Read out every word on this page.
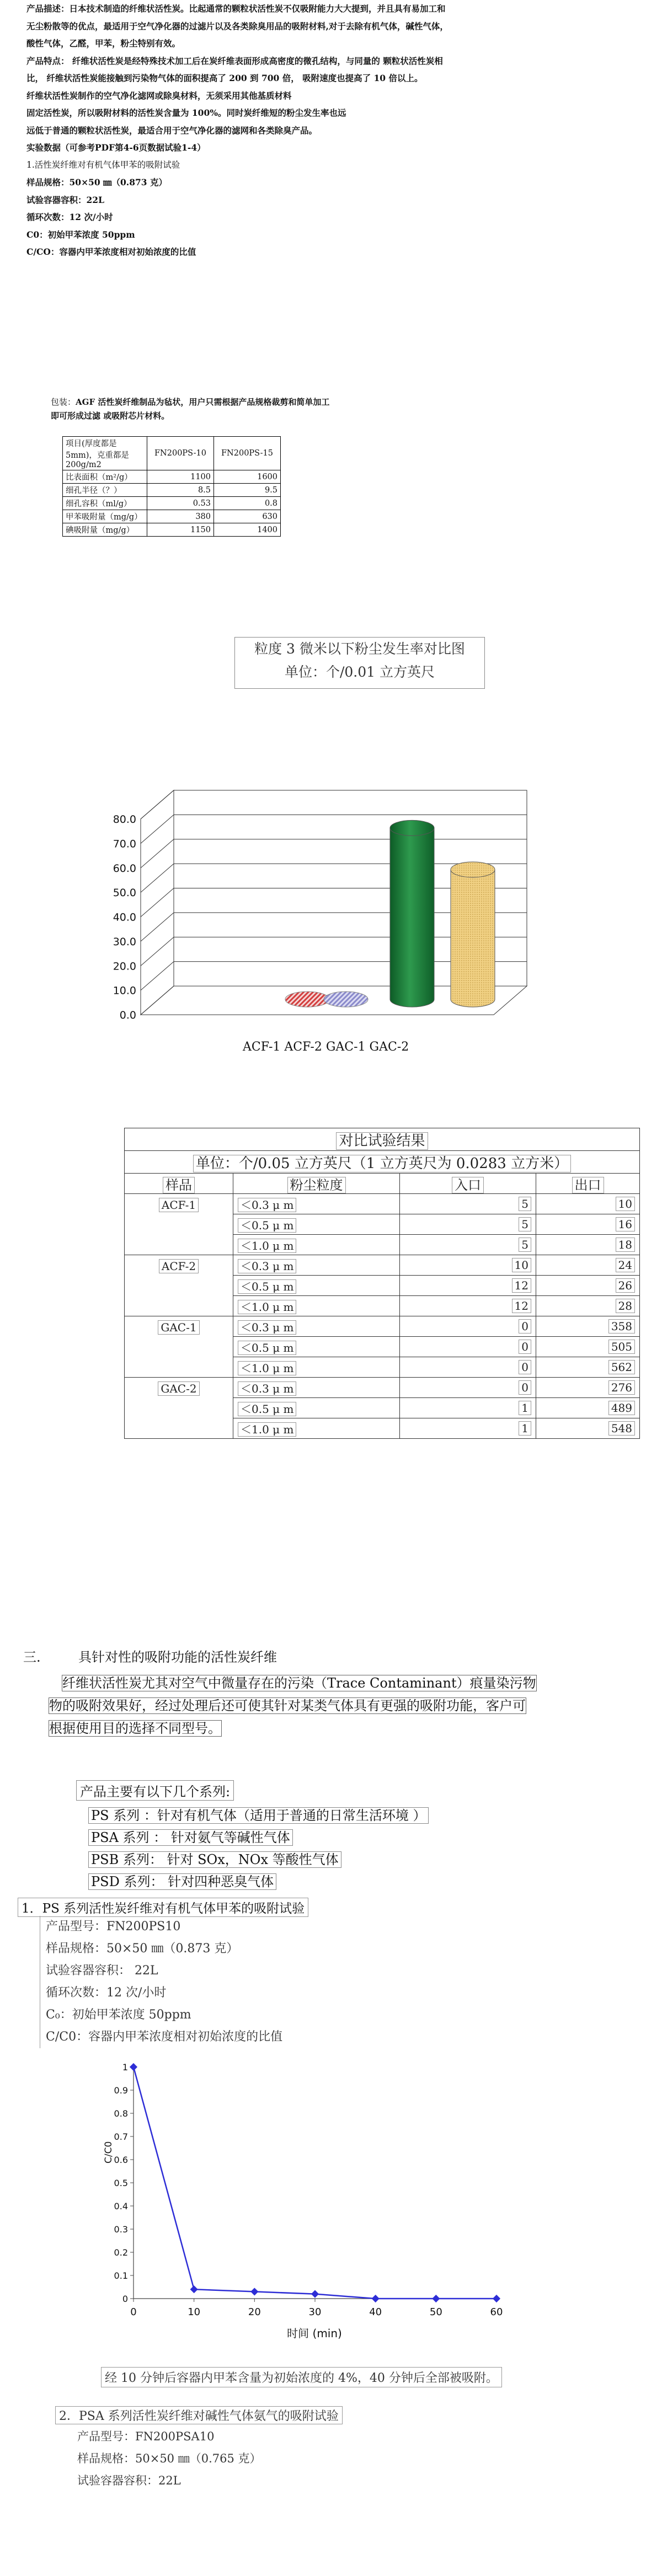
产品描述：日本技术制造的纤维状活性炭。比起通常的颗粒状活性炭不仅吸附能力大大提到，并且具有易加工和

无尘粉散等的优点，最适用于空气净化器的过滤片以及各类除臭用品的吸附材料,对于去除有机气体，碱性气体，

酸性气体，乙醛，甲苯，粉尘特别有效。

产品特点： 纤维状活性炭是经特殊技术加工后在炭纤维表面形成高密度的微孔结构，与同量的 颗粒状活性炭相

比， 纤维状活性炭能接触到污染物气体的面积提高了 200 到 700 倍， 吸附速度也提高了 10 倍以上。

纤维状活性炭制作的空气净化滤网或除臭材料，无须采用其他基质材料

固定活性炭，所以吸附材料的活性炭含量为 100%。同时炭纤维短的粉尘发生率也远

远低于普通的颗粒状活性炭，最适合用于空气净化器的滤网和各类除臭产品。

实验数据（可参考PDF第4-6页数据试验1-4）

1.活性炭纤维对有机气体甲苯的吸附试验

样品规格：50×50 ㎜（0.873 克）

试验容器容积：22L

循环次数：12 次/小时

C0：初始甲苯浓度 50ppm

C/CO：容器内甲苯浓度相对初始浓度的比值

包装：AGF 活性炭纤维制品为毡状，用户只需根据产品规格裁剪和简单加工即可形成过滤 或吸附芯片材料。
项目(厚度都是 5mm)，克重都是 200g/m2	FN200PS-10	FN200PS-15
比表面积（m²/g）	1100	1600
细孔半径（？）	8.5	9.5
细孔容积（ml/g）	0.53	0.8
甲苯吸附量（mg/g）	380	630
碘吸附量（mg/g）	1150	1400
粒度 3 微米以下粉尘发生率对比图
单位：个/0.01 立方英尺
0.0
10.0
20.0
30.0
40.0
50.0
60.0
70.0
80.0
ACF-1 ACF-2 GAC-1 GAC-2
对比试验结果			
单位：个/0.05 立方英尺（1 立方英尺为 0.0283 立方米）			
样品	粉尘粒度	入口	出口
ACF-1	＜0.3 μ m	5	10
	＜0.5 μ m	5	16
	＜1.0 μ m	5	18
ACF-2	＜0.3 μ m	10	24
	＜0.5 μ m	12	26
	＜1.0 μ m	12	28
GAC-1	＜0.3 μ m	0	358
	＜0.5 μ m	0	505
	＜1.0 μ m	0	562
GAC-2	＜0.3 μ m	0	276
	＜0.5 μ m	1	489
	＜1.0 μ m	1	548
三.	具针对性的吸附功能的活性炭纤维
纤维状活性炭尤其对空气中微量存在的污染（Trace Contaminant）痕量染污物
物的吸附效果好，经过处理后还可使其针对某类气体具有更强的吸附功能，客户可
根据使用目的选择不同型号。
产品主要有以下几个系列:
PS 系列 ：针对有机气体（适用于普通的日常生活环境 ）
PSA 系列 ： 针对氨气等碱性气体
PSB 系列： 针对 SOx，NOx 等酸性气体
PSD 系列： 针对四种恶臭气体
1．PS 系列活性炭纤维对有机气体甲苯的吸附试验
产品型号：FN200PS10
样品规格：50×50 ㎜（0.873 克）
试验容器容积： 22L
循环次数：12 次/小时
C₀：初始甲苯浓度 50ppm
C/C0：容器内甲苯浓度相对初始浓度的比值
0
0.1
0.2
0.3
0.4
0.5
0.6
0.7
0.8
0.9
1
0	10	20	30	40	50	60
C/C0
时间 (min)
经 10 分钟后容器内甲苯含量为初始浓度的 4%，40 分钟后全部被吸附。
2．PSA 系列活性炭纤维对碱性气体氨气的吸附试验
产品型号：FN200PSA10
样品规格：50×50 ㎜（0.765 克）
试验容器容积：22L
